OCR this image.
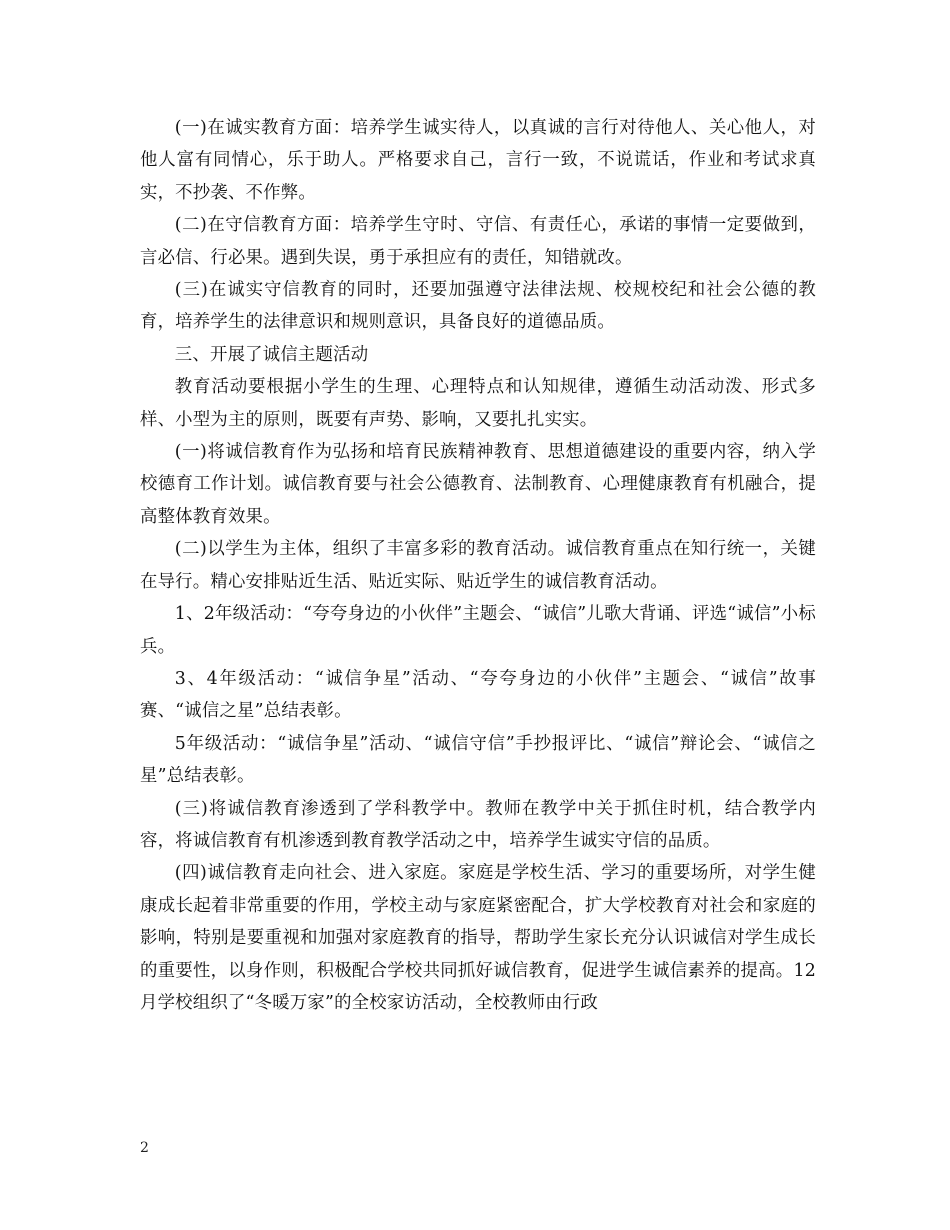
(一)在诚实教育方面：培养学生诚实待人，以真诚的言行对待他人、关心他人，对他人富有同情心，乐于助人。严格要求自己，言行一致，不说谎话，作业和考试求真实，不抄袭、不作弊。

(二)在守信教育方面：培养学生守时、守信、有责任心，承诺的事情一定要做到，言必信、行必果。遇到失误，勇于承担应有的责任，知错就改。

(三)在诚实守信教育的同时，还要加强遵守法律法规、校规校纪和社会公德的教育，培养学生的法律意识和规则意识，具备良好的道德品质。

三、开展了诚信主题活动

教育活动要根据小学生的生理、心理特点和认知规律，遵循生动活动泼、形式多样、小型为主的原则，既要有声势、影响，又要扎扎实实。

(一)将诚信教育作为弘扬和培育民族精神教育、思想道德建设的重要内容，纳入学校德育工作计划。诚信教育要与社会公德教育、法制教育、心理健康教育有机融合，提高整体教育效果。

(二)以学生为主体，组织了丰富多彩的教育活动。诚信教育重点在知行统一，关键在导行。精心安排贴近生活、贴近实际、贴近学生的诚信教育活动。

1、2年级活动：“夸夸身边的小伙伴”主题会、“诚信”儿歌大背诵、评选“诚信”小标兵。

3、4年级活动：“诚信争星”活动、“夸夸身边的小伙伴”主题会、“诚信”故事赛、“诚信之星”总结表彰。

5年级活动：“诚信争星”活动、“诚信守信”手抄报评比、“诚信”辩论会、“诚信之星”总结表彰。

(三)将诚信教育渗透到了学科教学中。教师在教学中关于抓住时机，结合教学内容，将诚信教育有机渗透到教育教学活动之中，培养学生诚实守信的品质。

(四)诚信教育走向社会、进入家庭。家庭是学校生活、学习的重要场所，对学生健康成长起着非常重要的作用，学校主动与家庭紧密配合，扩大学校教育对社会和家庭的影响，特别是要重视和加强对家庭教育的指导，帮助学生家长充分认识诚信对学生成长的重要性，以身作则，积极配合学校共同抓好诚信教育，促进学生诚信素养的提高。12月学校组织了“冬暖万家”的全校家访活动，全校教师由行政

2
